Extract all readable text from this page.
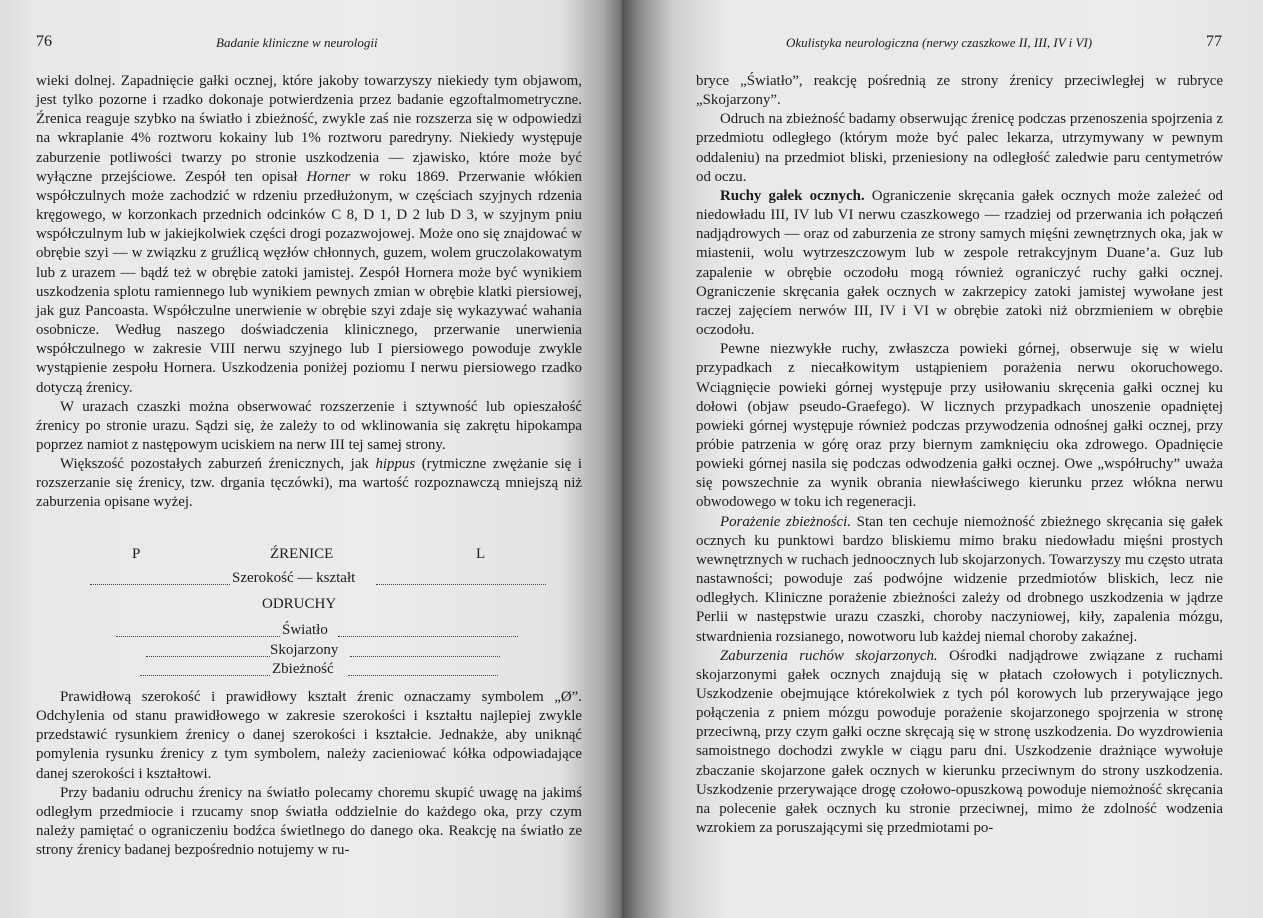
76	Badanie kliniczne w neurologii

wieki dolnej. Zapadnięcie gałki ocznej, które jakoby towarzyszy niekiedy tym objawom, jest tylko pozorne i rzadko dokonaje potwierdzenia przez badanie egzoftalmometryczne. Źrenica reaguje szybko na światło i zbieżność, zwykle zaś nie rozszerza się w odpowiedzi na wkraplanie 4% roztworu kokainy lub 1% roztworu paredryny. Niekiedy występuje zaburzenie potliwości twarzy po stronie uszkodzenia — zjawisko, które może być wyłączne przejściowe. Zespół ten opisał Horner w roku 1869. Przerwanie włókien współczulnych może zachodzić w rdzeniu przedłużonym, w częściach szyjnych rdzenia kręgowego, w korzonkach przednich odcinków C 8, D 1, D 2 lub D 3, w szyjnym pniu współczulnym lub w jakiejkolwiek części drogi pozazwojowej. Może ono się znajdować w obrębie szyi — w związku z gruźlicą węzłów chłonnych, guzem, wolem gruczolakowatym lub z urazem — bądź też w obrębie zatoki jamistej. Zespół Hornera może być wynikiem uszkodzenia splotu ramiennego lub wynikiem pewnych zmian w obrębie klatki piersiowej, jak guz Pancoasta. Współczulne unerwienie w obrębie szyi zdaje się wykazywać wahania osobnicze. Według naszego doświadczenia klinicznego, przerwanie unerwienia współczulnego w zakresie VIII nerwu szyjnego lub I piersiowego powoduje zwykle wystąpienie zespołu Hornera. Uszkodzenia poniżej poziomu I nerwu piersiowego rzadko dotyczą źrenicy.

W urazach czaszki można obserwować rozszerzenie i sztywność lub opieszałość źrenicy po stronie urazu. Sądzi się, że zależy to od wklinowania się zakrętu hipokampa poprzez namiot z następowym uciskiem na nerw III tej samej strony.

Większość pozostałych zaburzeń źrenicznych, jak hippus (rytmiczne zwężanie się i rozszerzanie się źrenicy, tzw. drgania tęczówki), ma wartość rozpoznawczą mniejszą niż zaburzenia opisane wyżej.

P	ŹRENICE	L
Szerokość — kształt
ODRUCHY
Światło
Skojarzony
Zbieżność

Prawidłową szerokość i prawidłowy kształt źrenic oznaczamy symbolem „Ø”. Odchylenia od stanu prawidłowego w zakresie szerokości i kształtu najlepiej zwykle przedstawić rysunkiem źrenicy o danej szerokości i kształcie. Jednakże, aby uniknąć pomylenia rysunku źrenicy z tym symbolem, należy zacieniować kółka odpowiadające danej szerokości i kształtowi.

Przy badaniu odruchu źrenicy na światło polecamy choremu skupić uwagę na jakimś odległym przedmiocie i rzucamy snop światła oddzielnie do każdego oka, przy czym należy pamiętać o ograniczeniu bodźca świetlnego do danego oka. Reakcję na światło ze strony źrenicy badanej bezpośrednio notujemy w ru-

Okulistyka neurologiczna (nerwy czaszkowe II, III, IV i VI)	77

bryce „Światło”, reakcję pośrednią ze strony źrenicy przeciwległej w rubryce „Skojarzony”.

Odruch na zbieżność badamy obserwując źrenicę podczas przenoszenia spojrzenia z przedmiotu odległego (którym może być palec lekarza, utrzymywany w pewnym oddaleniu) na przedmiot bliski, przeniesiony na odległość zaledwie paru centymetrów od oczu.

Ruchy gałek ocznych. Ograniczenie skręcania gałek ocznych może zależeć od niedowładu III, IV lub VI nerwu czaszkowego — rzadziej od przerwania ich połączeń nadjądrowych — oraz od zaburzenia ze strony samych mięśni zewnętrznych oka, jak w miastenii, wolu wytrzeszczowym lub w zespole retrakcyjnym Duane’a. Guz lub zapalenie w obrębie oczodołu mogą również ograniczyć ruchy gałki ocznej. Ograniczenie skręcania gałek ocznych w zakrzepicy zatoki jamistej wywołane jest raczej zajęciem nerwów III, IV i VI w obrębie zatoki niż obrzmieniem w obrębie oczodołu.

Pewne niezwykłe ruchy, zwłaszcza powieki górnej, obserwuje się w wielu przypadkach z niecałkowitym ustąpieniem porażenia nerwu okoruchowego. Wciągnięcie powieki górnej występuje przy usiłowaniu skręcenia gałki ocznej ku dołowi (objaw pseudo-Graefego). W licznych przypadkach unoszenie opadniętej powieki górnej występuje również podczas przywodzenia odnośnej gałki ocznej, przy próbie patrzenia w górę oraz przy biernym zamknięciu oka zdrowego. Opadnięcie powieki górnej nasila się podczas odwodzenia gałki ocznej. Owe „współruchy” uważa się powszechnie za wynik obrania niewłaściwego kierunku przez włókna nerwu obwodowego w toku ich regeneracji.

Porażenie zbieżności. Stan ten cechuje niemożność zbieżnego skręcania się gałek ocznych ku punktowi bardzo bliskiemu mimo braku niedowładu mięśni prostych wewnętrznych w ruchach jednoocznych lub skojarzonych. Towarzyszy mu często utrata nastawności; powoduje zaś podwójne widzenie przedmiotów bliskich, lecz nie odległych. Kliniczne porażenie zbieżności zależy od drobnego uszkodzenia w jądrze Perlii w następstwie urazu czaszki, choroby naczyniowej, kiły, zapalenia mózgu, stwardnienia rozsianego, nowotworu lub każdej niemal choroby zakaźnej.

Zaburzenia ruchów skojarzonych. Ośrodki nadjądrowe związane z ruchami skojarzonymi gałek ocznych znajdują się w płatach czołowych i potylicznych. Uszkodzenie obejmujące którekolwiek z tych pól korowych lub przerywające jego połączenia z pniem mózgu powoduje porażenie skojarzonego spojrzenia w stronę przeciwną, przy czym gałki oczne skręcają się w stronę uszkodzenia. Do wyzdrowienia samoistnego dochodzi zwykle w ciągu paru dni. Uszkodzenie drażniące wywołuje zbaczanie skojarzone gałek ocznych w kierunku przeciwnym do strony uszkodzenia. Uszkodzenie przerywające drogę czołowo-opuszkową powoduje niemożność skręcania na polecenie gałek ocznych ku stronie przeciwnej, mimo że zdolność wodzenia wzrokiem za poruszającymi się przedmiotami po-
